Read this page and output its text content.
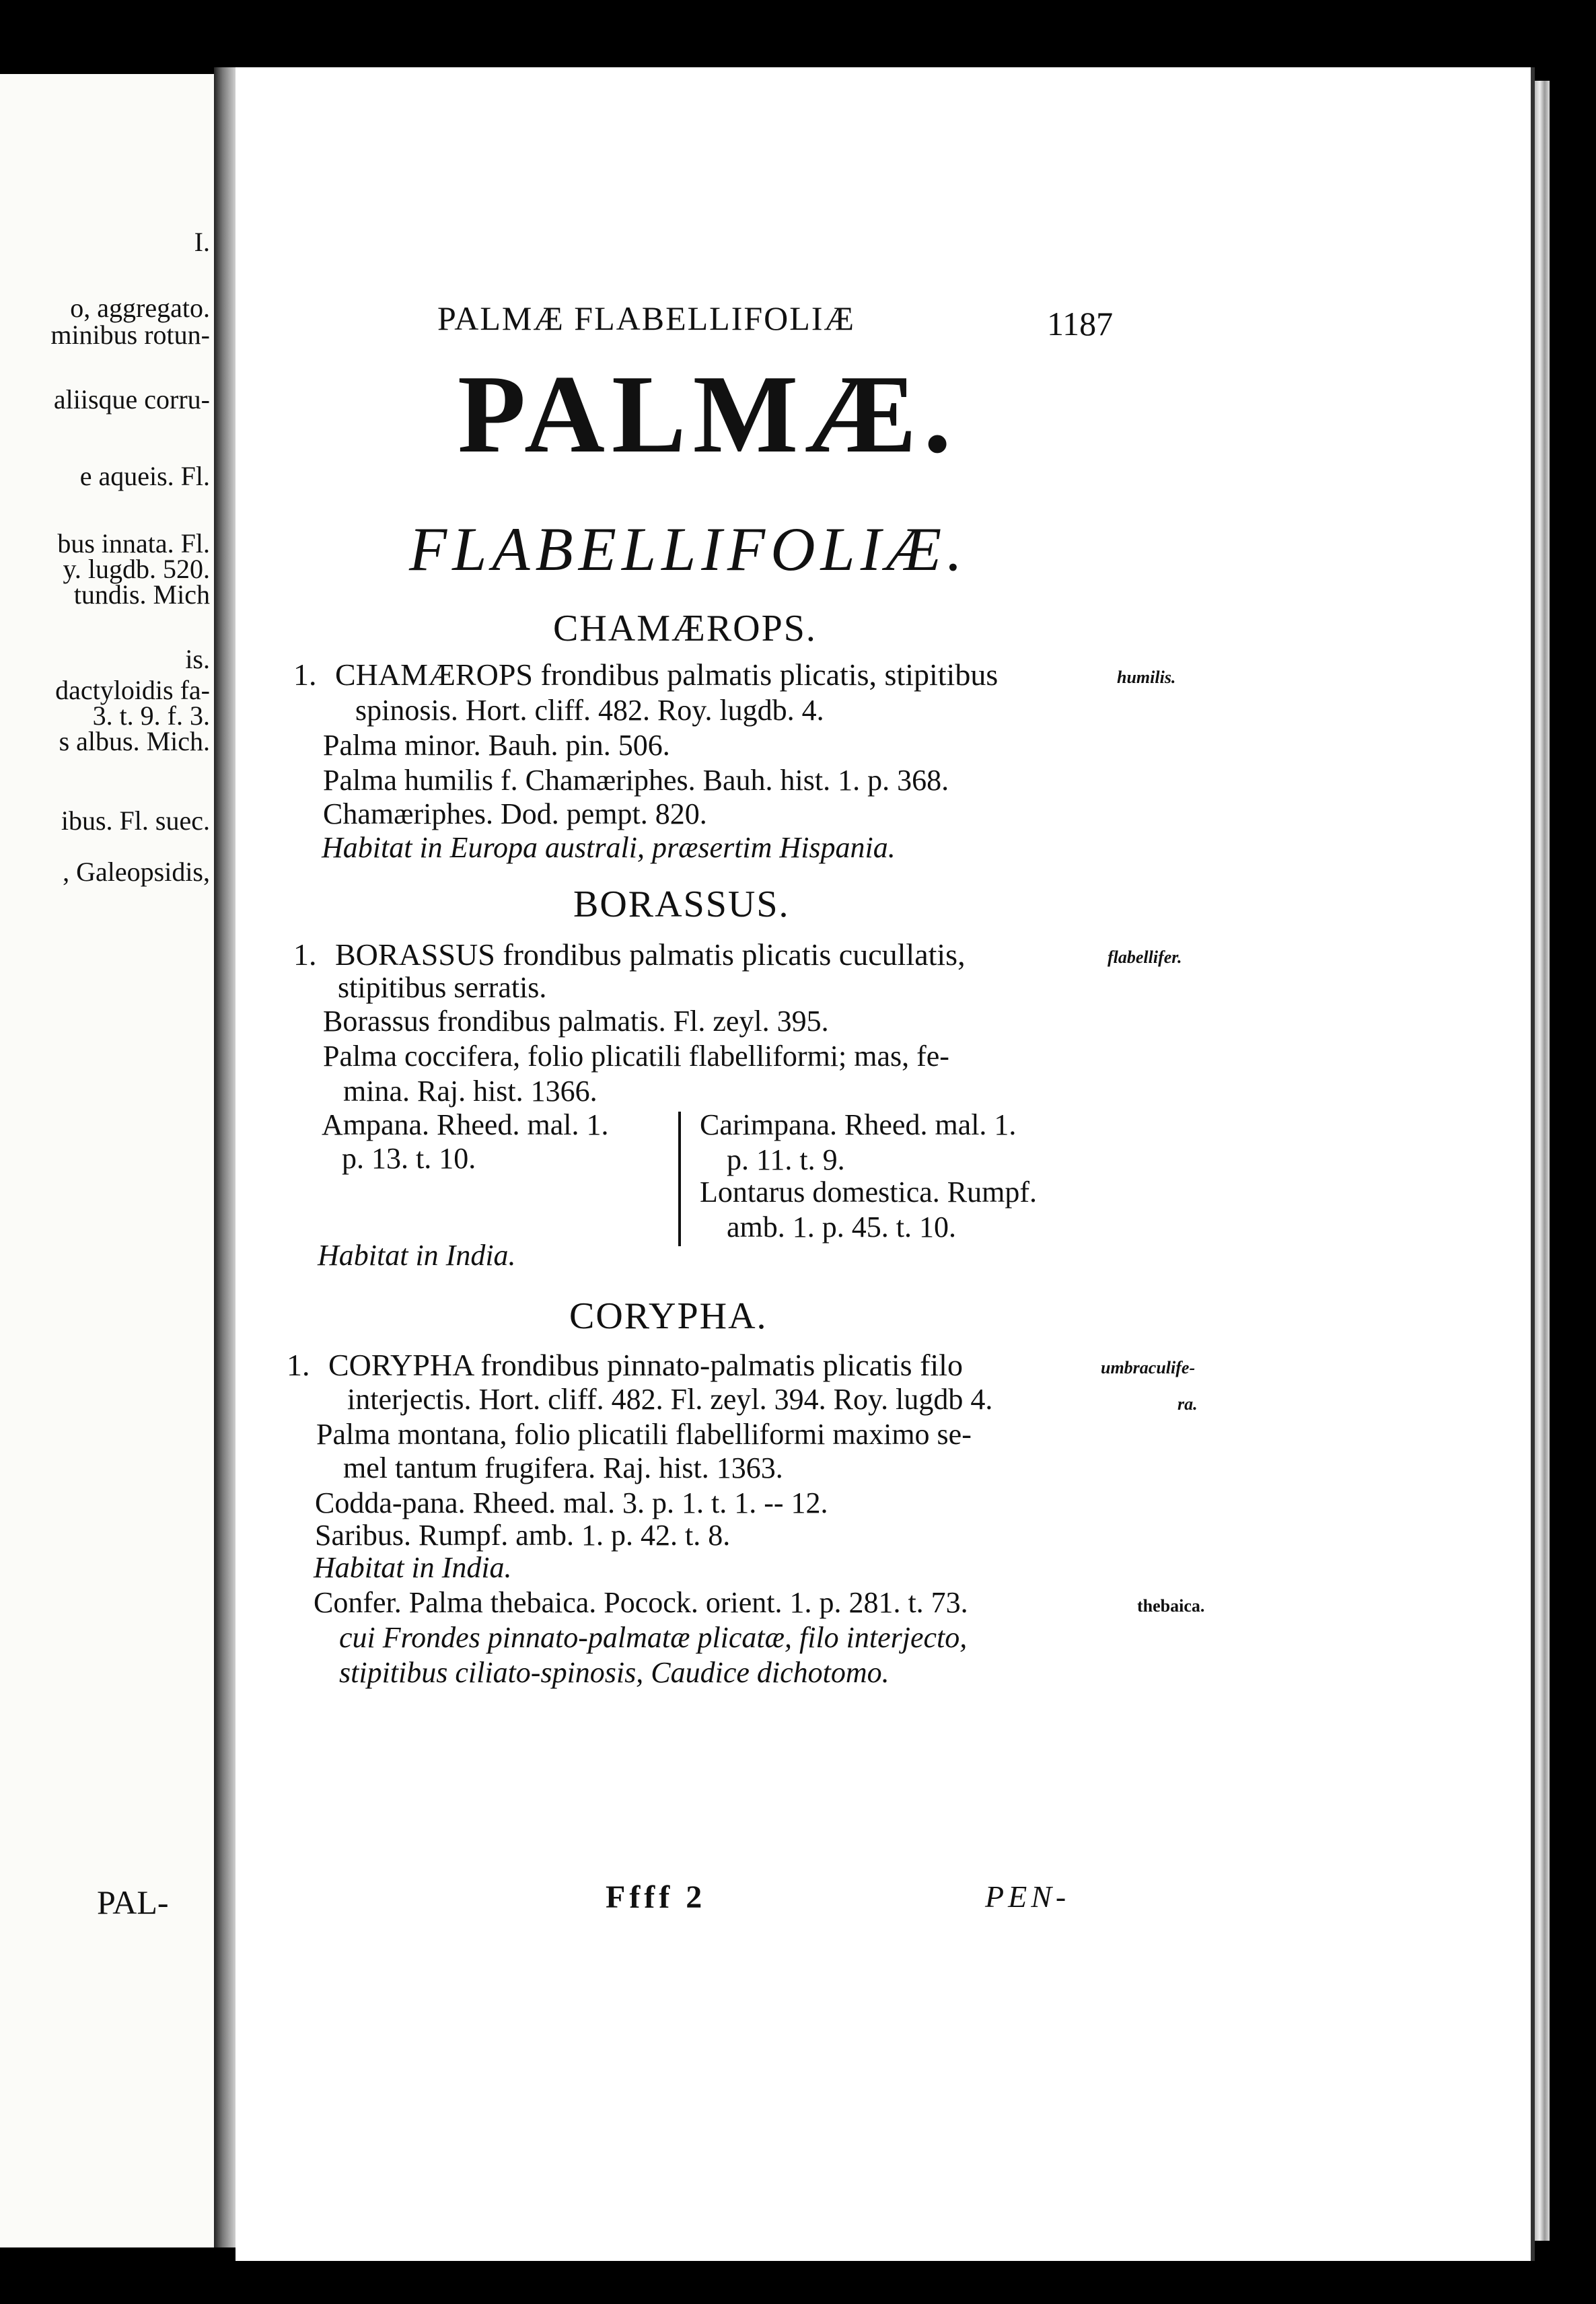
I.
o, aggregato.
minibus rotun-
aliisque corru-
e aqueis. Fl.
bus innata. Fl.
y. lugdb. 520.
tundis. Mich
is.
dactyloidis fa-
3. t. 9. f. 3.
s albus. Mich.
ibus. Fl. suec.
, Galeopsidis,
PAL-
PALMÆ FLABELLIFOLIÆ	1187
PALMÆ.
FLABELLIFOLIÆ.
CHAMÆROPS.
1. CHAMÆROPS frondibus palmatis plicatis, stipitibus	humilis.
spinosis. Hort. cliff. 482. Roy. lugdb. 4.
Palma minor. Bauh. pin. 506.
Palma humilis f. Chamæriphes. Bauh. hist. 1. p. 368.
Chamæriphes. Dod. pempt. 820.
Habitat in Europa australi, præsertim Hispania.
BORASSUS.
1. BORASSUS frondibus palmatis plicatis cucullatis,	flabellifer.
stipitibus serratis.
Borassus frondibus palmatis. Fl. zeyl. 395.
Palma coccifera, folio plicatili flabelliformi; mas, fe-
mina. Raj. hist. 1366.
Ampana. Rheed. mal. 1.
p. 13. t. 10.
Carimpana. Rheed. mal. 1.
p. 11. t. 9.
Lontarus domestica. Rumpf.
amb. 1. p. 45. t. 10.
Habitat in India.
CORYPHA.
1. CORYPHA frondibus pinnato-palmatis plicatis filo	umbraculife-
ra.
interjectis. Hort. cliff. 482. Fl. zeyl. 394. Roy. lugdb 4.
Palma montana, folio plicatili flabelliformi maximo se-
mel tantum frugifera. Raj. hist. 1363.
Codda-pana. Rheed. mal. 3. p. 1. t. 1. -- 12.
Saribus. Rumpf. amb. 1. p. 42. t. 8.
Habitat in India.
Confer. Palma thebaica. Pocock. orient. 1. p. 281. t. 73.	thebaica.
cui Frondes pinnato-palmatæ plicatæ, filo interjecto,
stipitibus ciliato-spinosis, Caudice dichotomo.
Ffff 2	PEN-
